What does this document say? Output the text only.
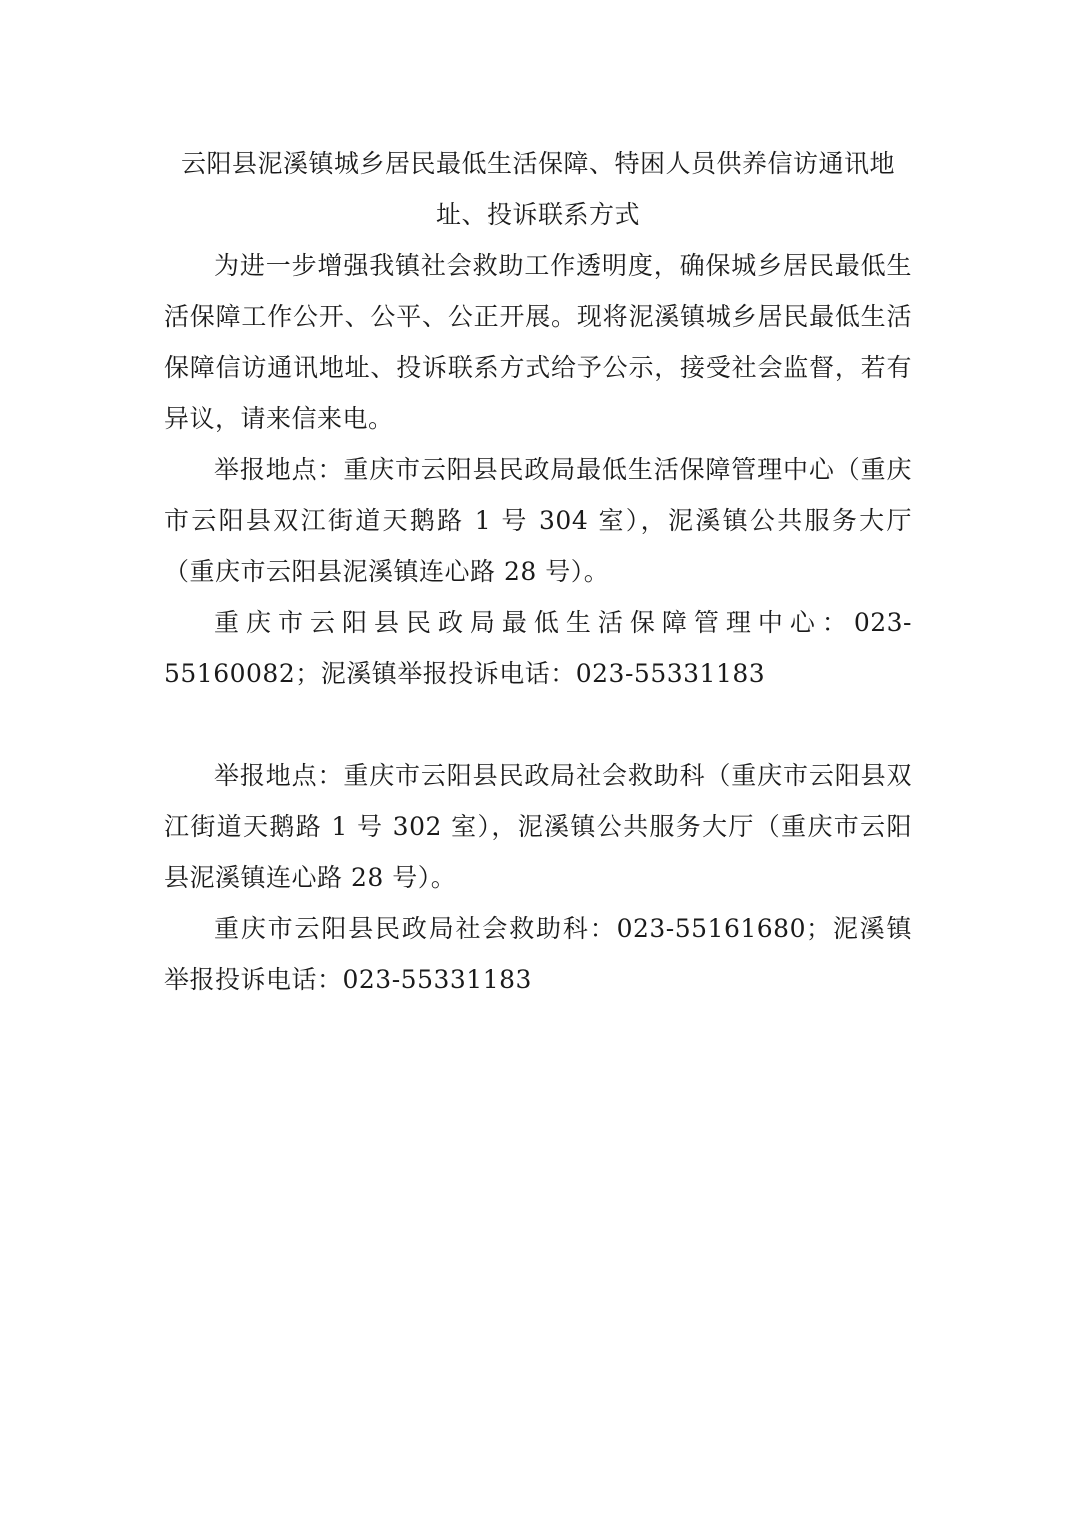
云阳县泥溪镇城乡居民最低生活保障、特困人员供养信访通讯地址、投诉联系方式

为进一步增强我镇社会救助工作透明度，确保城乡居民最低生活保障工作公开、公平、公正开展。现将泥溪镇城乡居民最低生活保障信访通讯地址、投诉联系方式给予公示，接受社会监督，若有异议，请来信来电。

举报地点：重庆市云阳县民政局最低生活保障管理中心（重庆市云阳县双江街道天鹅路 1 号 304 室），泥溪镇公共服务大厅（重庆市云阳县泥溪镇连心路 28 号）。

重庆市云阳县民政局最低生活保障管理中心：023-55160082；泥溪镇举报投诉电话：023-55331183

举报地点：重庆市云阳县民政局社会救助科（重庆市云阳县双江街道天鹅路 1 号 302 室），泥溪镇公共服务大厅（重庆市云阳县泥溪镇连心路 28 号）。

重庆市云阳县民政局社会救助科：023-55161680；泥溪镇举报投诉电话：023-55331183
